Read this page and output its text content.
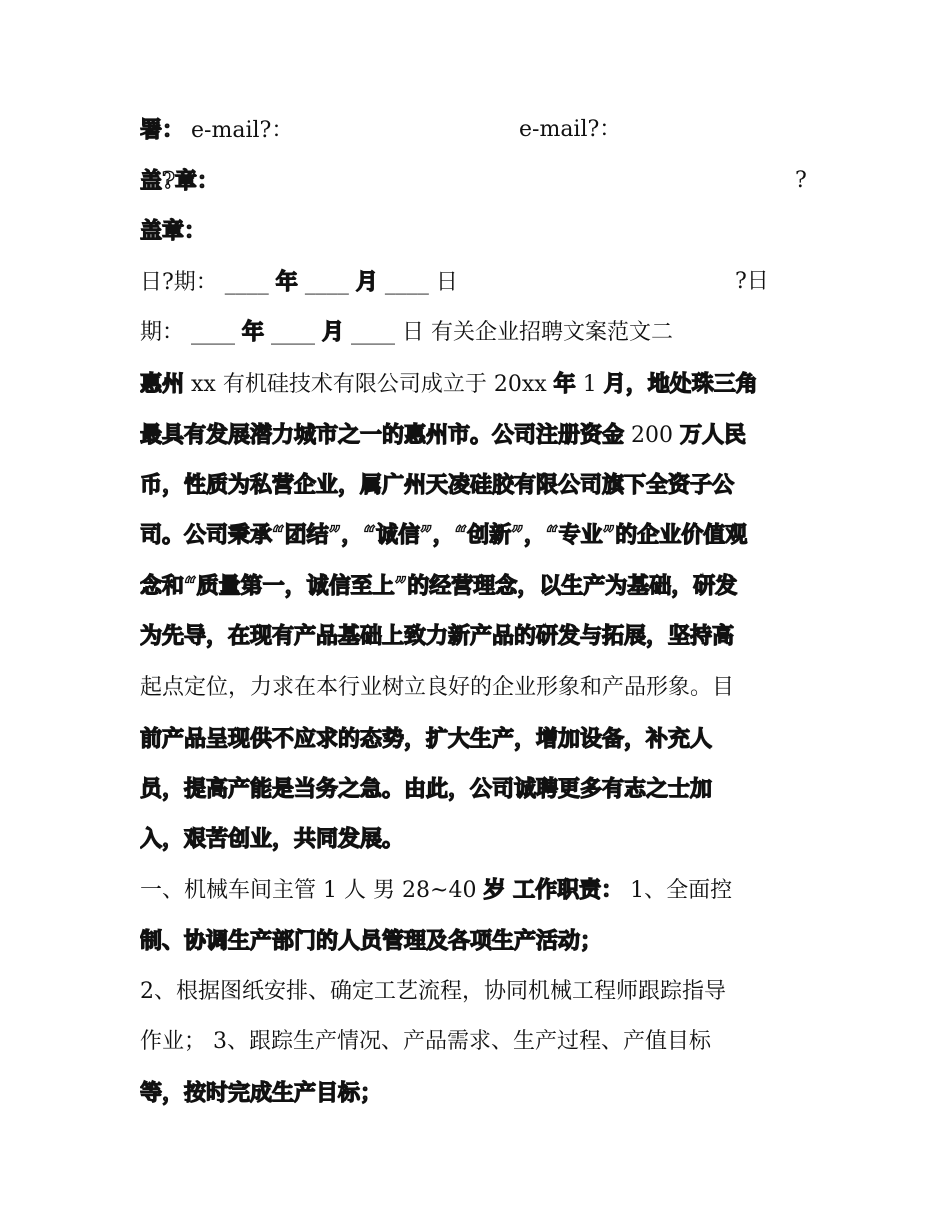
署： e-mail?：	e-mail?：
盖?章：	?
盖章：
日?期： ____ 年 ____ 月 ____ 日	?日
期： ____ 年 ____ 月 ____ 日 有关企业招聘文案范文二
惠州 xx 有机硅技术有限公司成立于 20xx 年 1 月，地处珠三角
最具有发展潜力城市之一的惠州市。公司注册资金 200 万人民
币，性质为私营企业，属广州天凌硅胶有限公司旗下全资子公
司。公司秉承“团结”，“诚信”，“创新”，“专业”的企业价值观
念和“质量第一，诚信至上”的经营理念，以生产为基础，研发
为先导，在现有产品基础上致力新产品的研发与拓展，坚持高
起点定位，力求在本行业树立良好的企业形象和产品形象。目
前产品呈现供不应求的态势，扩大生产，增加设备，补充人
员，提高产能是当务之急。由此，公司诚聘更多有志之士加
入，艰苦创业，共同发展。
一、机械车间主管 1 人 男 28~40 岁 工作职责： 1、全面控
制、协调生产部门的人员管理及各项生产活动；
2、根据图纸安排、确定工艺流程，协同机械工程师跟踪指导
作业； 3、跟踪生产情况、产品需求、生产过程、产值目标
等，按时完成生产目标；
